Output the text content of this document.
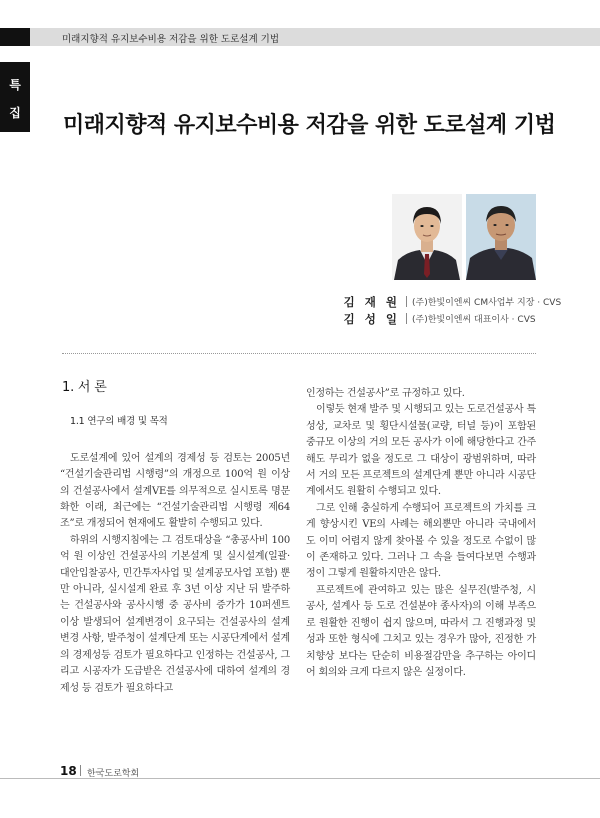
미래지향적 유지보수비용 저감을 위한 도로설계 기법
특
집	미래지향적 유지보수비용 저감을 위한 도로설계 기법
김 재 원 (주)한빛이엔씨 CM사업부 지장 · CVS
김 성 일 (주)한빛이엔씨 대표이사 · CVS
1. 서 론
1.1 연구의 배경 및 목적

도로설계에 있어 설계의 경제성 등 검토는 2005년 “건설기술관리법 시행령”의 개정으로 100억 원 이상의 건설공사에서 설계VE를 의무적으로 실시토록 명문화한 이래, 최근에는 “건설기술관리법 시행령 제64조”로 개정되어 현재에도 활발히 수행되고 있다.

하위의 시행지침에는 그 검토대상을 “총공사비 100억 원 이상인 건설공사의 기본설계 및 실시설계(일괄·대안입찰공사, 민간투자사업 및 설계공모사업 포함) 뿐만 아니라, 실시설계 완료 후 3년 이상 지난 뒤 발주하는 건설공사와 공사시행 중 공사비 증가가 10퍼센트 이상 발생되어 설계변경이 요구되는 건설공사의 설계변경 사항, 발주청이 설계단계 또는 시공단계에서 설계의 경제성등 검토가 필요하다고 인정하는 건설공사, 그리고 시공자가 도급받은 건설공사에 대하여 설계의 경제성 등 검토가 필요하다고

인정하는 건설공사”로 규정하고 있다.

이렇듯 현재 발주 및 시행되고 있는 도로건설공사 특성상, 교차로 및 횡단시설물(교량, 터널 등)이 포함된 중규모 이상의 거의 모든 공사가 이에 해당한다고 간주해도 무리가 없을 정도로 그 대상이 광범위하며, 따라서 거의 모든 프로젝트의 설계단계 뿐만 아니라 시공단계에서도 원활히 수행되고 있다.

그로 인해 충실하게 수행되어 프로젝트의 가치를 크게 향상시킨 VE의 사례는 해외뿐만 아니라 국내에서도 이미 어렵지 않게 찾아볼 수 있을 정도로 수없이 많이 존재하고 있다. 그러나 그 속을 들여다보면 수행과정이 그렇게 원활하지만은 않다.

프로젝트에 관여하고 있는 많은 실무진(발주청, 시공사, 설계사 등 도로 건설분야 종사자)의 이해 부족으로 원활한 진행이 쉽지 않으며, 따라서 그 진행과정 및 성과 또한 형식에 그치고 있는 경우가 많아, 진정한 가치향상 보다는 단순히 비용절감만을 추구하는 아이디어 회의와 크게 다르지 않은 실정이다.

18 한국도로학회
